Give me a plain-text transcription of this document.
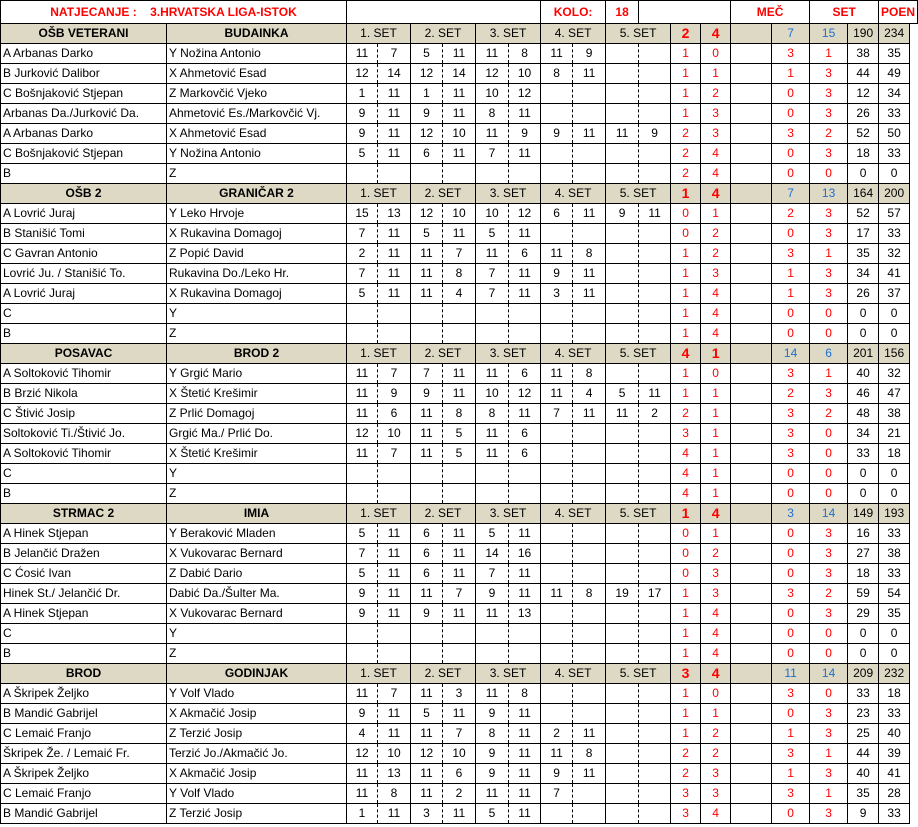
NATJECANJE : 3.HRVATSKA LIGA-ISTOK								KOLO:		18				MEČ		SET		POEN
OŠB VETERANI	BUDAINKA	1. SET		2. SET		3. SET		4. SET		5. SET		2	4		7	15	190	234
A Arbanas Darko	Y Nožina Antonio	11	7	5	11	11	8	11	9			1	0		3	1	38	35
B Jurković Dalibor	X Ahmetović Esad	12	14	12	14	12	10	8	11			1	1		1	3	44	49
C Bošnjaković Stjepan	Z Markovčić Vjeko	1	11	1	11	10	12					1	2		0	3	12	34
Arbanas Da./Jurković Da.	Ahmetović Es./Markovčić Vj.	9	11	9	11	8	11					1	3		0	3	26	33
A Arbanas Darko	X Ahmetović Esad	9	11	12	10	11	9	9	11	11	9	2	3		3	2	52	50
C Bošnjaković Stjepan	Y Nožina Antonio	5	11	6	11	7	11					2	4		0	3	18	33
B	Z											2	4		0	0	0	0
OŠB 2	GRANIČAR 2	1. SET		2. SET		3. SET		4. SET		5. SET		1	4		7	13	164	200
A Lovrić Juraj	Y Leko Hrvoje	15	13	12	10	10	12	6	11	9	11	0	1		2	3	52	57
B Stanišić Tomi	X Rukavina Domagoj	7	11	5	11	5	11					0	2		0	3	17	33
C Gavran Antonio	Z Popić David	2	11	11	7	11	6	11	8			1	2		3	1	35	32
Lovrić Ju. / Stanišić To.	Rukavina Do./Leko Hr.	7	11	11	8	7	11	9	11			1	3		1	3	34	41
A Lovrić Juraj	X Rukavina Domagoj	5	11	11	4	7	11	3	11			1	4		1	3	26	37
C	Y											1	4		0	0	0	0
B	Z											1	4		0	0	0	0
POSAVAC	BROD 2	1. SET		2. SET		3. SET		4. SET		5. SET		4	1		14	6	201	156
A Soltoković Tihomir	Y Grgić Mario	11	7	7	11	11	6	11	8			1	0		3	1	40	32
B Brzić Nikola	X Štetić Krešimir	11	9	9	11	10	12	11	4	5	11	1	1		2	3	46	47
C Štivić Josip	Z Prlić Domagoj	11	6	11	8	8	11	7	11	11	2	2	1		3	2	48	38
Soltoković Ti./Štivić Jo.	Grgić Ma./ Prlić Do.	12	10	11	5	11	6					3	1		3	0	34	21
A Soltoković Tihomir	X Štetić Krešimir	11	7	11	5	11	6					4	1		3	0	33	18
C	Y											4	1		0	0	0	0
B	Z											4	1		0	0	0	0
STRMAC 2	IMIA	1. SET		2. SET		3. SET		4. SET		5. SET		1	4		3	14	149	193
A Hinek Stjepan	Y Beraković Mladen	5	11	6	11	5	11					0	1		0	3	16	33
B Jelančić Dražen	X Vukovarac Bernard	7	11	6	11	14	16					0	2		0	3	27	38
C Ćosić Ivan	Z Dabić Dario	5	11	6	11	7	11					0	3		0	3	18	33
Hinek St./ Jelančić Dr.	Dabić Da./Šulter Ma.	9	11	11	7	9	11	11	8	19	17	1	3		3	2	59	54
A Hinek Stjepan	X Vukovarac Bernard	9	11	9	11	11	13					1	4		0	3	29	35
C	Y											1	4		0	0	0	0
B	Z											1	4		0	0	0	0
BROD	GODINJAK	1. SET		2. SET		3. SET		4. SET		5. SET		3	4		11	14	209	232
A Škripek Željko	Y Volf Vlado	11	7	11	3	11	8					1	0		3	0	33	18
B Mandić Gabrijel	X Akmačić Josip	9	11	5	11	9	11					1	1		0	3	23	33
C Lemaić Franjo	Z Terzić Josip	4	11	11	7	8	11	2	11			1	2		1	3	25	40
Škripek Že. / Lemaić Fr.	Terzić Jo./Akmačić Jo.	12	10	12	10	9	11	11	8			2	2		3	1	44	39
A Škripek Željko	X Akmačić Josip	11	13	11	6	9	11	9	11			2	3		1	3	40	41
C Lemaić Franjo	Y Volf Vlado	11	8	11	2	11	11	7				3	3		3	1	35	28
B Mandić Gabrijel	Z Terzić Josip	1	11	3	11	5	11					3	4		0	3	9	33
